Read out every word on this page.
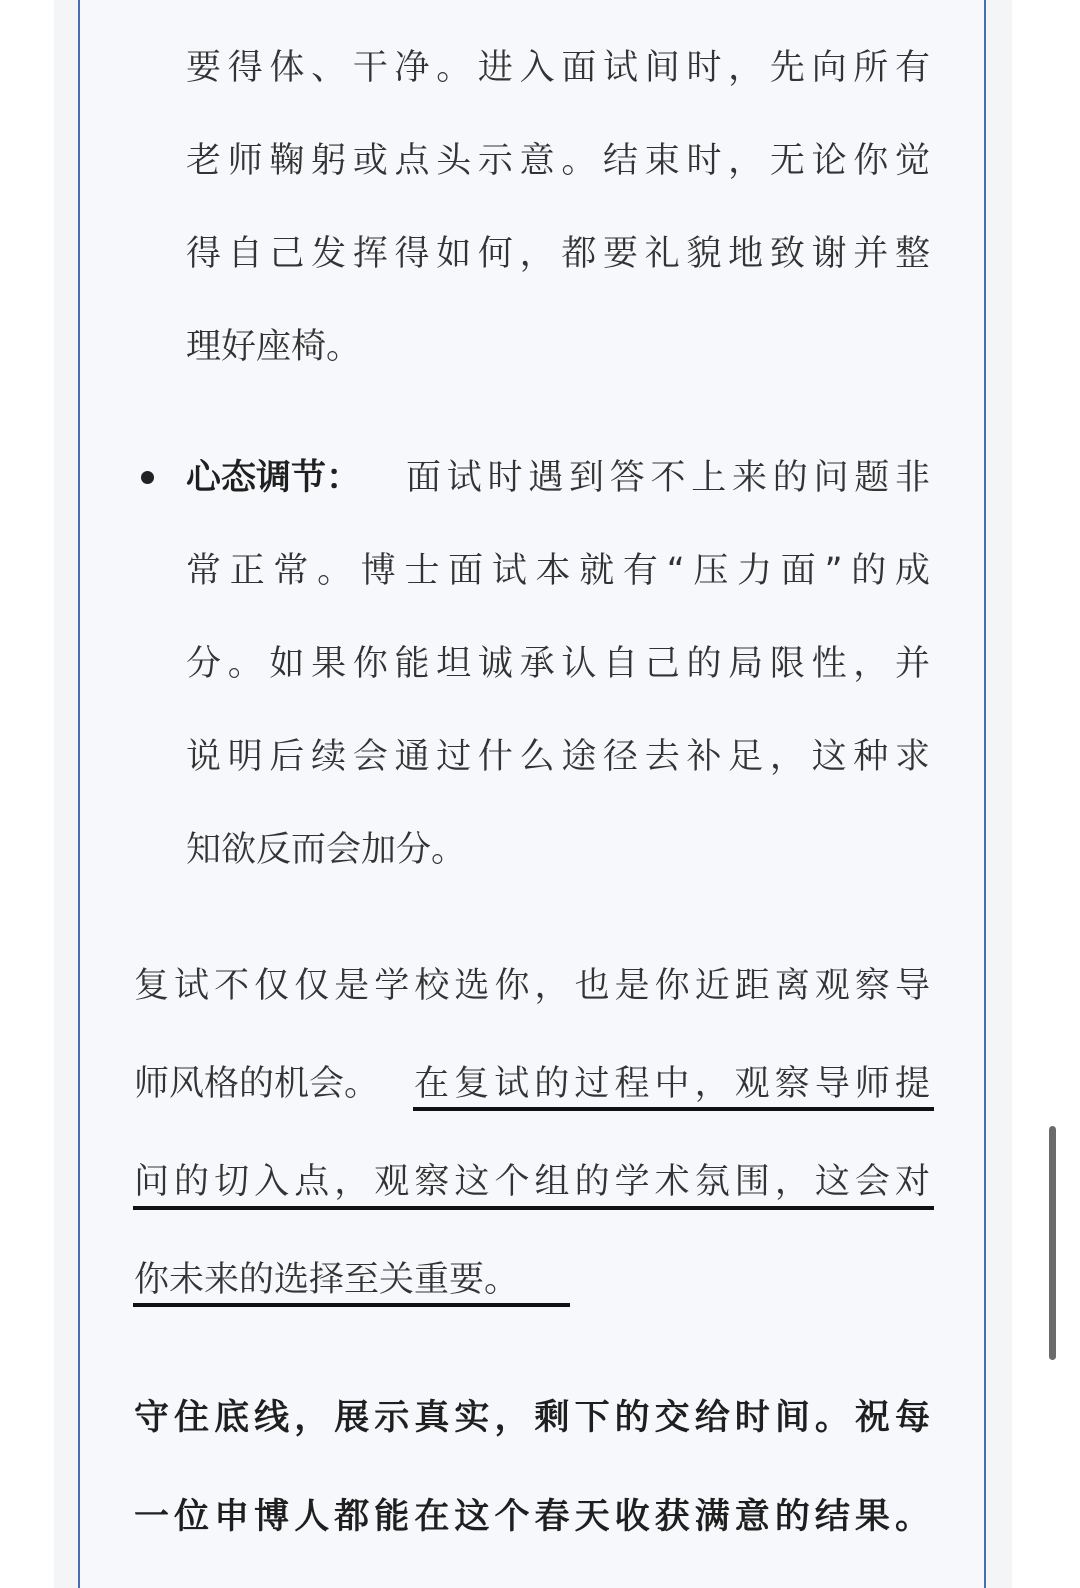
要得体、干净。进入面试间时，先向所有
老师鞠躬或点头示意。结束时，无论你觉
得自己发挥得如何，都要礼貌地致谢并整
理好座椅。
心态调节： 面试时遇到答不上来的问题非
常正常。博士面试本就有“压力面”的成
分。如果你能坦诚承认自己的局限性，并
说明后续会通过什么途径去补足，这种求
知欲反而会加分。
复试不仅仅是学校选你，也是你近距离观察导
师风格的机会。 在复试的过程中，观察导师提
问的切入点，观察这个组的学术氛围，这会对
你未来的选择至关重要。
守住底线，展示真实，剩下的交给时间。祝每
一位申博人都能在这个春天收获满意的结果。
